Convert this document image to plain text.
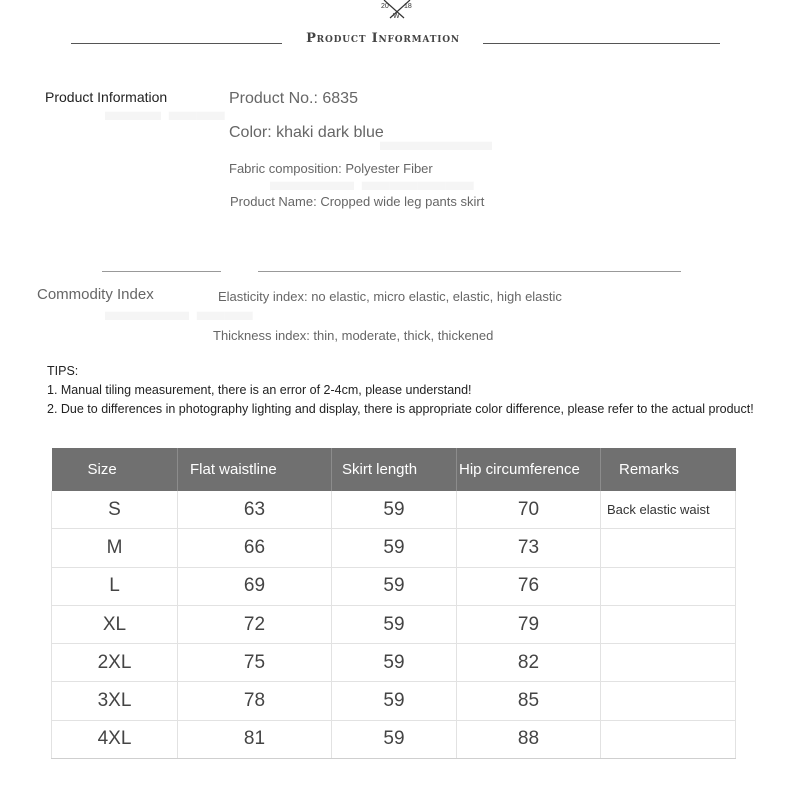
20 18
W
Product Information
Product Information	Product No.: 6835
Color: khaki dark blue
Fabric composition: Polyester Fiber
Product Name: Cropped wide leg pants skirt
Commodity Index	Elasticity index: no elastic, micro elastic, elastic, high elastic
Thickness index: thin, moderate, thick, thickened

TIPS:

1. Manual tiling measurement, there is an error of 2-4cm, please understand!

2. Due to differences in photography lighting and display, there is appropriate color difference, please refer to the actual product!

Size	Flat waistline	Skirt length	Hip circumference	Remarks
S	63	59	70	Back elastic waist
M	66	59	73	
L	69	59	76	
XL	72	59	79	
2XL	75	59	82	
3XL	78	59	85	
4XL	81	59	88	
